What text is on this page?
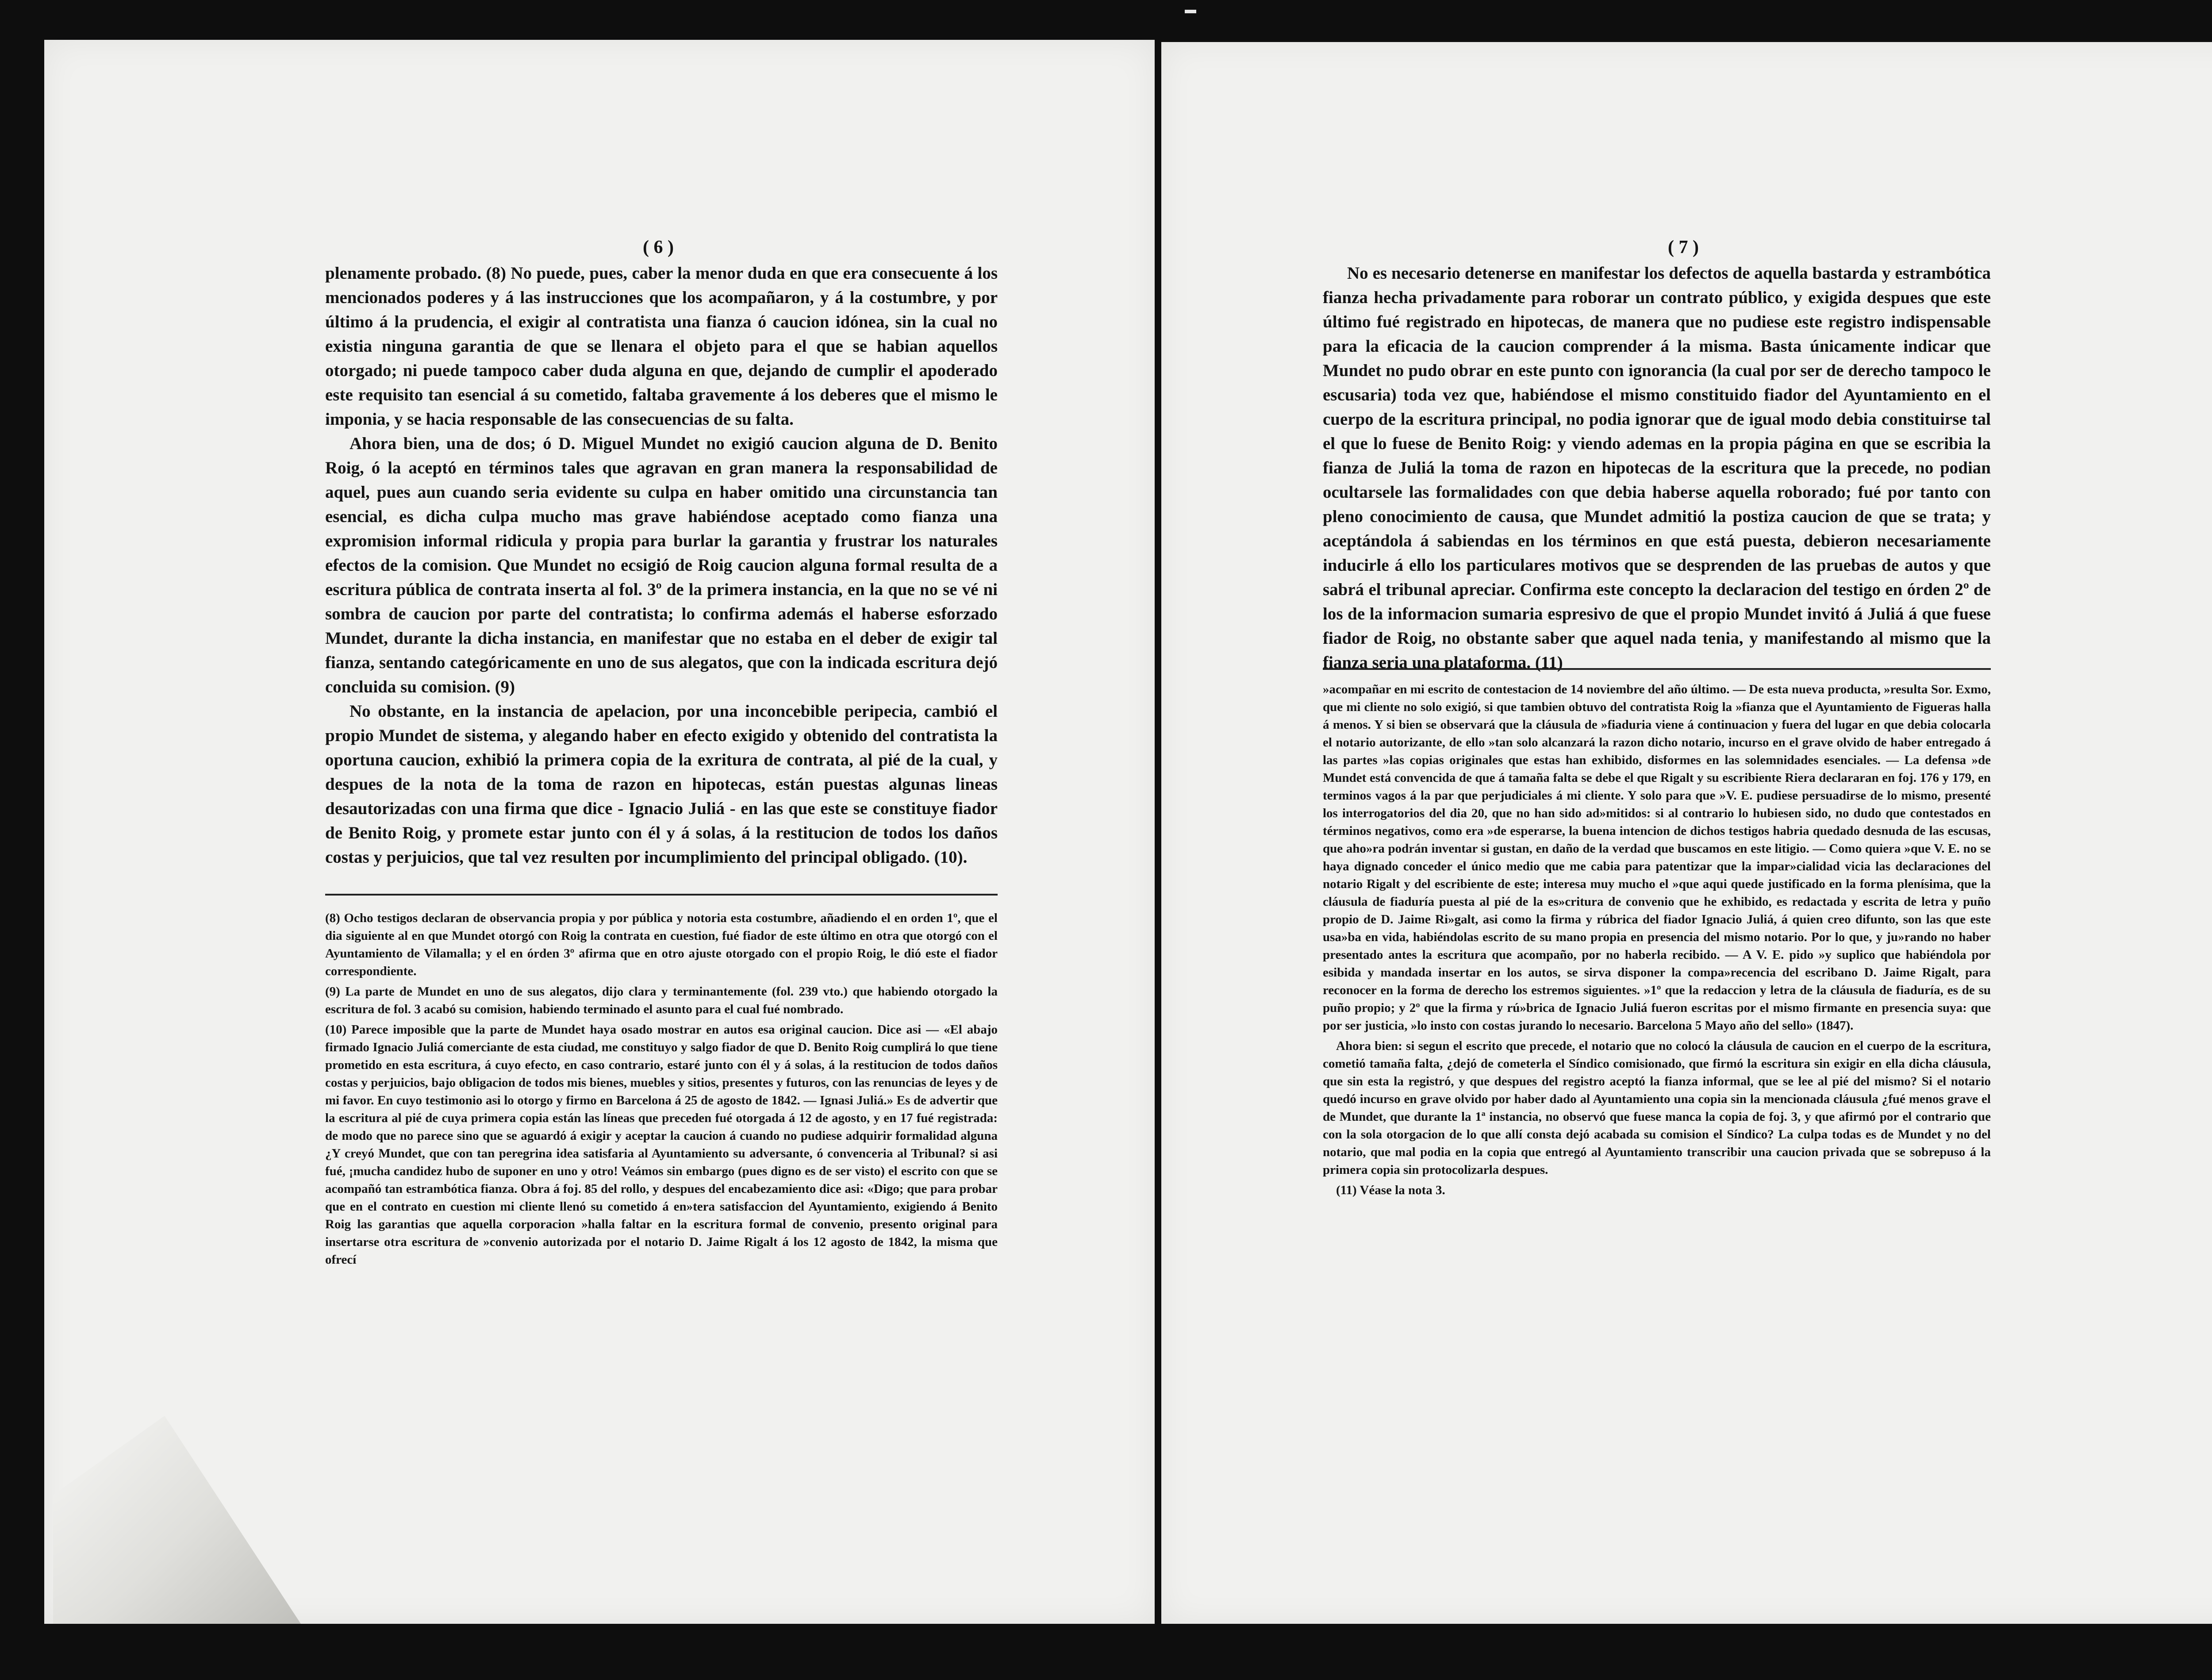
( 6 )	( 7 )

plenamente probado. (8) No puede, pues, caber la menor duda en que era consecuente á los mencionados poderes y á las instrucciones que los acompañaron, y á la costumbre, y por último á la prudencia, el exigir al contratista una fianza ó caucion idónea, sin la cual no existia ninguna garantia de que se llenara el objeto para el que se habian aquellos otorgado; ni puede tampoco caber duda alguna en que, dejando de cumplir el apoderado este requisito tan esencial á su cometido, faltaba gravemente á los deberes que el mismo le imponia, y se hacia responsable de las consecuencias de su falta.

Ahora bien, una de dos; ó D. Miguel Mundet no exigió caucion alguna de D. Benito Roig, ó la aceptó en términos tales que agravan en gran manera la responsabilidad de aquel, pues aun cuando seria evidente su culpa en haber omitido una circunstancia tan esencial, es dicha culpa mucho mas grave habiéndose aceptado como fianza una expromision informal ridicula y propia para burlar la garantia y frustrar los naturales efectos de la comision. Que Mundet no ecsigió de Roig caucion alguna formal resulta de a escritura pública de contrata inserta al fol. 3º de la primera instancia, en la que no se vé ni sombra de caucion por parte del contratista; lo confirma además el haberse esforzado Mundet, durante la dicha instancia, en manifestar que no estaba en el deber de exigir tal fianza, sentando categóricamente en uno de sus alegatos, que con la indicada escritura dejó concluida su comision. (9)

No obstante, en la instancia de apelacion, por una inconcebible peripecia, cambió el propio Mundet de sistema, y alegando haber en efecto exigido y obtenido del contratista la oportuna caucion, exhibió la primera copia de la exritura de contrata, al pié de la cual, y despues de la nota de la toma de razon en hipotecas, están puestas algunas lineas desautorizadas con una firma que dice - Ignacio Juliá - en las que este se constituye fiador de Benito Roig, y promete estar junto con él y á solas, á la restitucion de todos los daños costas y perjuicios, que tal vez resulten por incumplimiento del principal obligado. (10).

(8) Ocho testigos declaran de observancia propia y por pública y notoria esta costumbre, añadiendo el en orden 1º, que el dia siguiente al en que Mundet otorgó con Roig la contrata en cuestion, fué fiador de este último en otra que otorgó con el Ayuntamiento de Vilamalla; y el en órden 3º afirma que en otro ajuste otorgado con el propio Roig, le dió este el fiador correspondiente.

(9) La parte de Mundet en uno de sus alegatos, dijo clara y terminantemente (fol. 239 vto.) que habiendo otorgado la escritura de fol. 3 acabó su comision, habiendo terminado el asunto para el cual fué nombrado.

(10) Parece imposible que la parte de Mundet haya osado mostrar en autos esa original caucion. Dice asi — «El abajo firmado Ignacio Juliá comerciante de esta ciudad, me constituyo y salgo fiador de que D. Benito Roig cumplirá lo que tiene prometido en esta escritura, á cuyo efecto, en caso contrario, estaré junto con él y á solas, á la restitucion de todos daños costas y perjuicios, bajo obligacion de todos mis bienes, muebles y sitios, presentes y futuros, con las renuncias de leyes y de mi favor. En cuyo testimonio asi lo otorgo y firmo en Barcelona á 25 de agosto de 1842. — Ignasi Juliá.» Es de advertir que la escritura al pié de cuya primera copia están las líneas que preceden fué otorgada á 12 de agosto, y en 17 fué registrada: de modo que no parece sino que se aguardó á exigir y aceptar la caucion á cuando no pudiese adquirir formalidad alguna ¿Y creyó Mundet, que con tan peregrina idea satisfaria al Ayuntamiento su adversante, ó convenceria al Tribunal? si asi fué, ¡mucha candidez hubo de suponer en uno y otro! Veámos sin embargo (pues digno es de ser visto) el escrito con que se acompañó tan estrambótica fianza. Obra á foj. 85 del rollo, y despues del encabezamiento dice asi: «Digo; que para probar que en el contrato en cuestion mi cliente llenó su cometido á en»tera satisfaccion del Ayuntamiento, exigiendo á Benito Roig las garantias que aquella corporacion »halla faltar en la escritura formal de convenio, presento original para insertarse otra escritura de »convenio autorizada por el notario D. Jaime Rigalt á los 12 agosto de 1842, la misma que ofrecí

No es necesario detenerse en manifestar los defectos de aquella bastarda y estrambótica fianza hecha privadamente para roborar un contrato público, y exigida despues que este último fué registrado en hipotecas, de manera que no pudiese este registro indispensable para la eficacia de la caucion comprender á la misma. Basta únicamente indicar que Mundet no pudo obrar en este punto con ignorancia (la cual por ser de derecho tampoco le escusaria) toda vez que, habiéndose el mismo constituido fiador del Ayuntamiento en el cuerpo de la escritura principal, no podia ignorar que de igual modo debia constituirse tal el que lo fuese de Benito Roig: y viendo ademas en la propia página en que se escribia la fianza de Juliá la toma de razon en hipotecas de la escritura que la precede, no podian ocultarsele las formalidades con que debia haberse aquella roborado; fué por tanto con pleno conocimiento de causa, que Mundet admitió la postiza caucion de que se trata; y aceptándola á sabiendas en los términos en que está puesta, debieron necesariamente inducirle á ello los particulares motivos que se desprenden de las pruebas de autos y que sabrá el tribunal apreciar. Confirma este concepto la declaracion del testigo en órden 2º de los de la informacion sumaria espresivo de que el propio Mundet invitó á Juliá á que fuese fiador de Roig, no obstante saber que aquel nada tenia, y manifestando al mismo que la fianza seria una plataforma. (11)

»acompañar en mi escrito de contestacion de 14 noviembre del año último. — De esta nueva producta, »resulta Sor. Exmo, que mi cliente no solo exigió, si que tambien obtuvo del contratista Roig la »fianza que el Ayuntamiento de Figueras halla á menos. Y si bien se observará que la cláusula de »fiaduria viene á continuacion y fuera del lugar en que debia colocarla el notario autorizante, de ello »tan solo alcanzará la razon dicho notario, incurso en el grave olvido de haber entregado á las partes »las copias originales que estas han exhibido, disformes en las solemnidades esenciales. — La defensa »de Mundet está convencida de que á tamaña falta se debe el que Rigalt y su escribiente Riera declararan en foj. 176 y 179, en terminos vagos á la par que perjudiciales á mi cliente. Y solo para que »V. E. pudiese persuadirse de lo mismo, presenté los interrogatorios del dia 20, que no han sido ad»mitidos: si al contrario lo hubiesen sido, no dudo que contestados en términos negativos, como era »de esperarse, la buena intencion de dichos testigos habria quedado desnuda de las escusas, que aho»ra podrán inventar si gustan, en daño de la verdad que buscamos en este litigio. — Como quiera »que V. E. no se haya dignado conceder el único medio que me cabia para patentizar que la impar»cialidad vicia las declaraciones del notario Rigalt y del escribiente de este; interesa muy mucho el »que aqui quede justificado en la forma plenísima, que la cláusula de fiaduría puesta al pié de la es»critura de convenio que he exhibido, es redactada y escrita de letra y puño propio de D. Jaime Ri»galt, asi como la firma y rúbrica del fiador Ignacio Juliá, á quien creo difunto, son las que este usa»ba en vida, habiéndolas escrito de su mano propia en presencia del mismo notario. Por lo que, y ju»rando no haber presentado antes la escritura que acompaño, por no haberla recibido. — A V. E. pido »y suplico que habiéndola por esibida y mandada insertar en los autos, se sirva disponer la compa»recencia del escribano D. Jaime Rigalt, para reconocer en la forma de derecho los estremos siguientes. »1º que la redaccion y letra de la cláusula de fiaduría, es de su puño propio; y 2º que la firma y rú»brica de Ignacio Juliá fueron escritas por el mismo firmante en presencia suya: que por ser justicia, »lo insto con costas jurando lo necesario. Barcelona 5 Mayo año del sello» (1847).

Ahora bien: si segun el escrito que precede, el notario que no colocó la cláusula de caucion en el cuerpo de la escritura, cometió tamaña falta, ¿dejó de cometerla el Síndico comisionado, que firmó la escritura sin exigir en ella dicha cláusula, que sin esta la registró, y que despues del registro aceptó la fianza informal, que se lee al pié del mismo? Si el notario quedó incurso en grave olvido por haber dado al Ayuntamiento una copia sin la mencionada cláusula ¿fué menos grave el de Mundet, que durante la 1ª instancia, no observó que fuese manca la copia de foj. 3, y que afirmó por el contrario que con la sola otorgacion de lo que allí consta dejó acabada su comision el Síndico? La culpa todas es de Mundet y no del notario, que mal podia en la copia que entregó al Ayuntamiento transcribir una caucion privada que se sobrepuso á la primera copia sin protocolizarla despues.

(11) Véase la nota 3.
